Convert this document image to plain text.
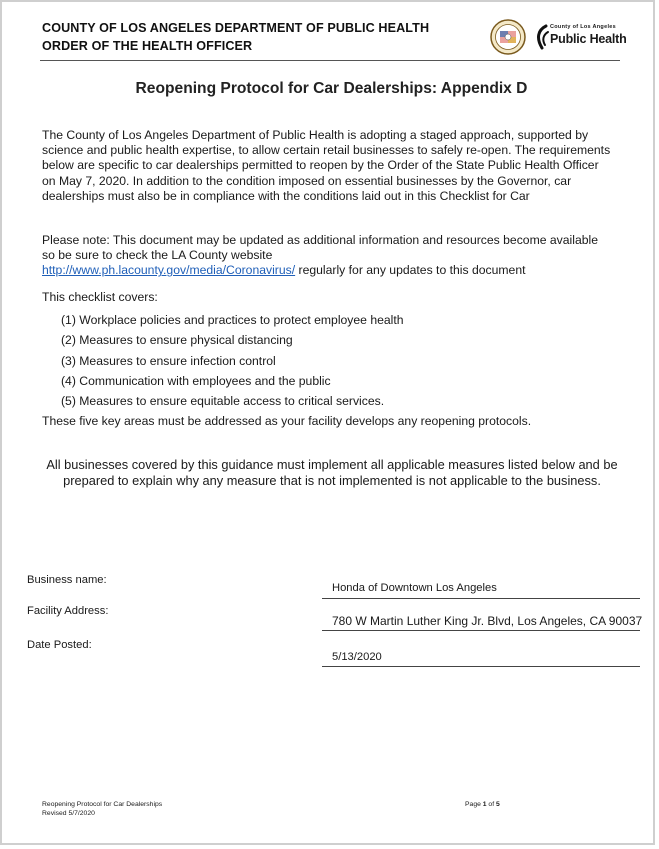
COUNTY OF LOS ANGELES DEPARTMENT OF PUBLIC HEALTH
ORDER OF THE HEALTH OFFICER
County of Los Angeles
Public Health
Reopening Protocol for Car Dealerships: Appendix D
The County of Los Angeles Department of Public Health is adopting a staged approach, supported by science and public health expertise, to allow certain retail businesses to safely re-open. The requirements below are specific to car dealerships permitted to reopen by the Order of the State Public Health Officer on May 7, 2020. In addition to the condition imposed on essential businesses by the Governor, car dealerships must also be in compliance with the conditions laid out in this Checklist for Car
Please note: This document may be updated as additional information and resources become available so be sure to check the LA County website
http://www.ph.lacounty.gov/media/Coronavirus/ regularly for any updates to this document
This checklist covers:
(1) Workplace policies and practices to protect employee health
(2) Measures to ensure physical distancing
(3) Measures to ensure infection control
(4) Communication with employees and the public
(5) Measures to ensure equitable access to critical services.
These five key areas must be addressed as your facility develops any reopening protocols.
All businesses covered by this guidance must implement all applicable measures listed below and be prepared to explain why any measure that is not implemented is not applicable to the business.
Business name:
Honda of Downtown Los Angeles
Facility Address:
780 W Martin Luther King Jr. Blvd, Los Angeles, CA 90037
Date Posted:
5/13/2020
Reopening Protocol for Car Dealerships
Revised 5/7/2020
Page 1 of 5
